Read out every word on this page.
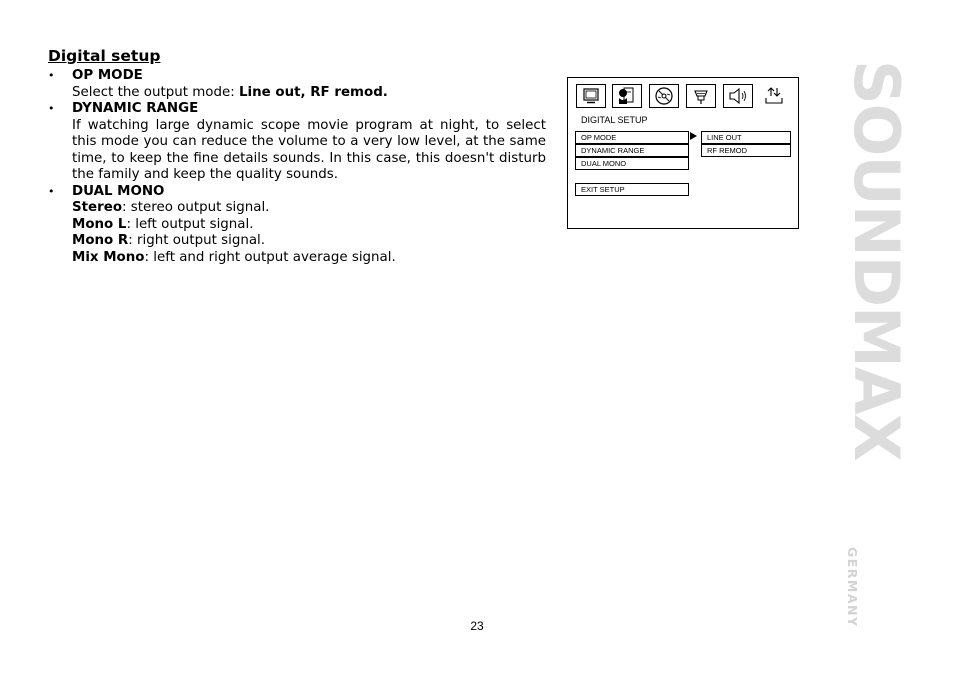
Digital setup
• OP MODE
Select the output mode: Line out, RF remod.
• DYNAMIC RANGE
If watching large dynamic scope movie program at night, to select this mode you can reduce the volume to a very low level, at the same time, to keep the fine details sounds. In this case, this doesn't disturb the family and keep the quality sounds.
• DUAL MONO
Stereo: stereo output signal.
Mono L: left output signal.
Mono R: right output signal.
Mix Mono: left and right output average signal.
DIGITAL SETUP
OP MODE
DYNAMIC RANGE
DUAL MONO
EXIT SETUP
LINE OUT
RF REMOD
23
SOUNDMAX
GERMANY
